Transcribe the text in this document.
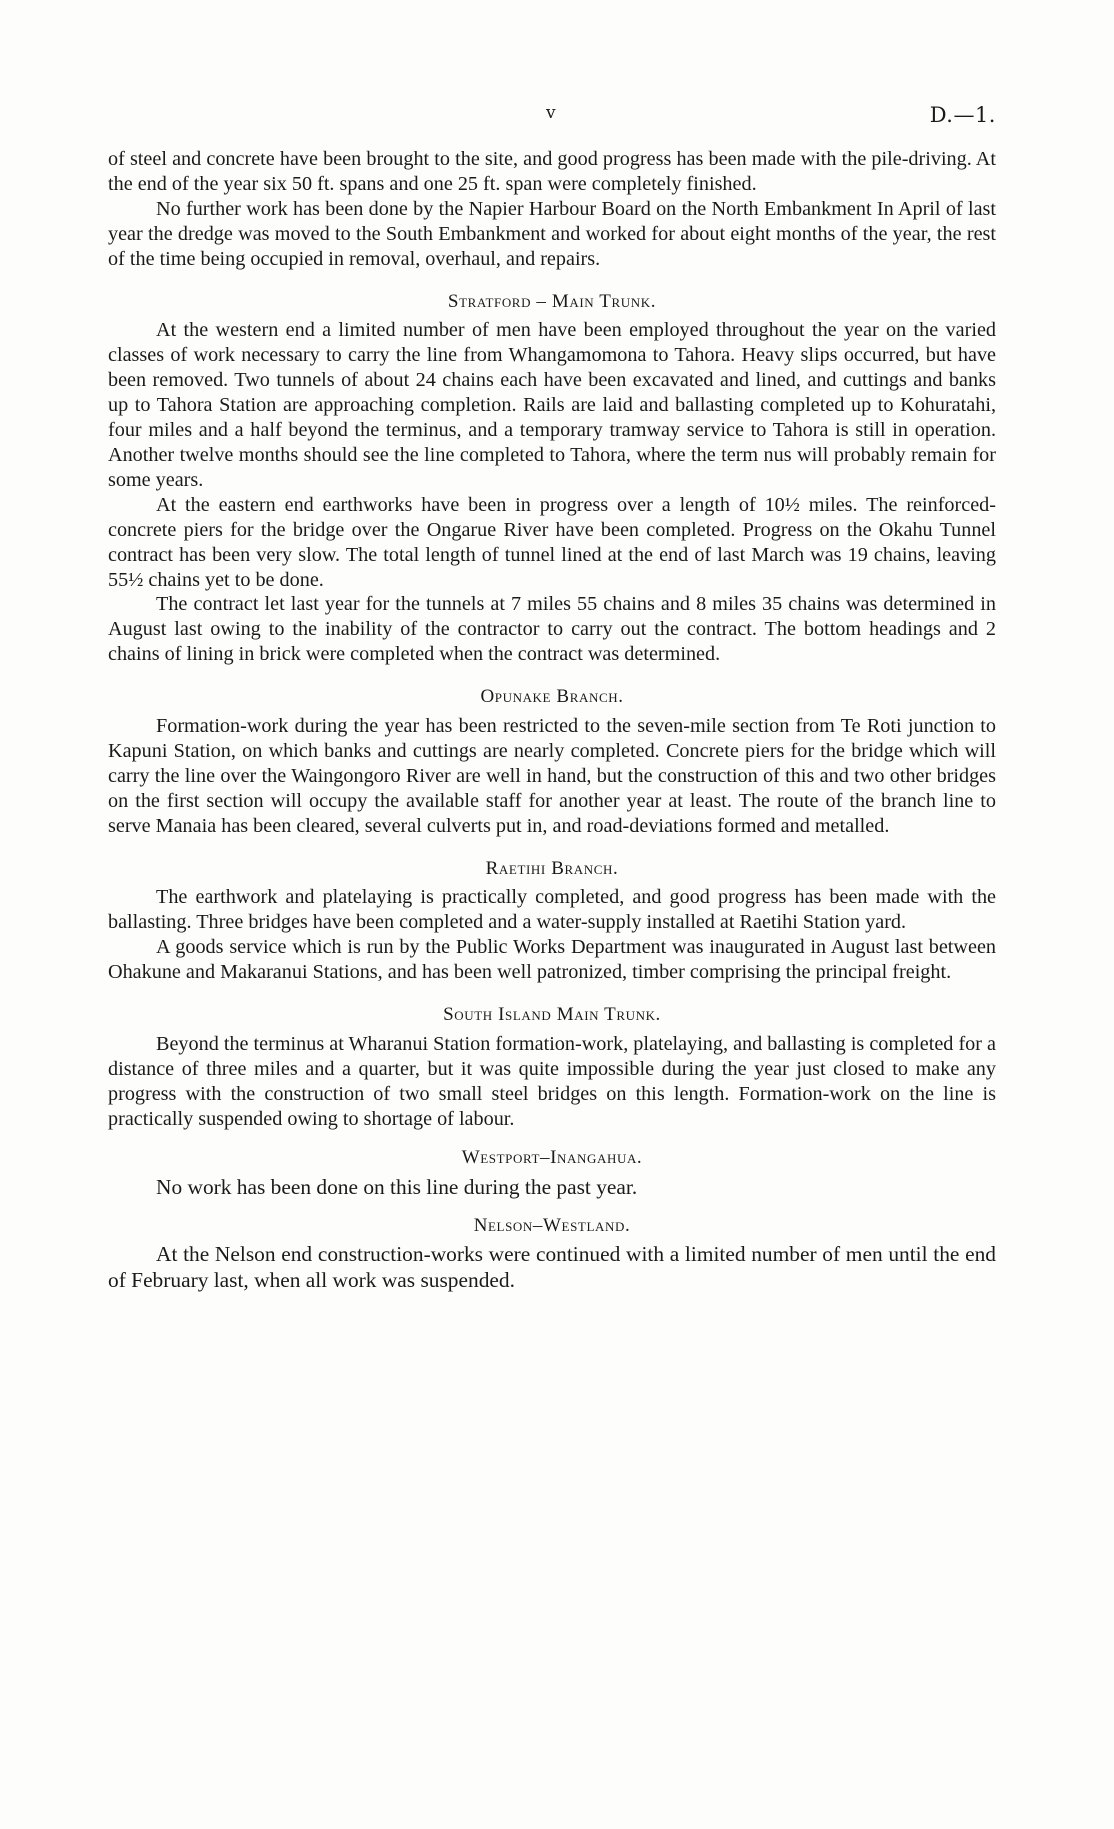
v	D.—1.

of steel and concrete have been brought to the site, and good progress has been made with the pile-driving. At the end of the year six 50 ft. spans and one 25 ft. span were completely finished.

No further work has been done by the Napier Harbour Board on the North Embankment In April of last year the dredge was moved to the South Embankment and worked for about eight months of the year, the rest of the time being occupied in removal, overhaul, and repairs.

Stratford – Main Trunk.

At the western end a limited number of men have been employed throughout the year on the varied classes of work necessary to carry the line from Whangamomona to Tahora. Heavy slips occurred, but have been removed. Two tunnels of about 24 chains each have been excavated and lined, and cuttings and banks up to Tahora Station are approaching completion. Rails are laid and ballasting completed up to Kohuratahi, four miles and a half beyond the terminus, and a temporary tramway service to Tahora is still in operation. Another twelve months should see the line completed to Tahora, where the term nus will probably remain for some years.

At the eastern end earthworks have been in progress over a length of 10½ miles. The reinforced-concrete piers for the bridge over the Ongarue River have been completed. Progress on the Okahu Tunnel contract has been very slow. The total length of tunnel lined at the end of last March was 19 chains, leaving 55½ chains yet to be done.

The contract let last year for the tunnels at 7 miles 55 chains and 8 miles 35 chains was determined in August last owing to the inability of the contractor to carry out the contract. The bottom headings and 2 chains of lining in brick were completed when the contract was determined.

Opunake Branch.

Formation-work during the year has been restricted to the seven-mile section from Te Roti junction to Kapuni Station, on which banks and cuttings are nearly completed. Concrete piers for the bridge which will carry the line over the Waingongoro River are well in hand, but the construction of this and two other bridges on the first section will occupy the available staff for another year at least. The route of the branch line to serve Manaia has been cleared, several culverts put in, and road-deviations formed and metalled.

Raetihi Branch.

The earthwork and platelaying is practically completed, and good progress has been made with the ballasting. Three bridges have been completed and a water-supply installed at Raetihi Station yard.

A goods service which is run by the Public Works Department was inaugurated in August last between Ohakune and Makaranui Stations, and has been well patronized, timber comprising the principal freight.

South Island Main Trunk.

Beyond the terminus at Wharanui Station formation-work, platelaying, and ballasting is completed for a distance of three miles and a quarter, but it was quite impossible during the year just closed to make any progress with the construction of two small steel bridges on this length. Formation-work on the line is practically suspended owing to shortage of labour.

Westport–Inangahua.

No work has been done on this line during the past year.

Nelson–Westland.

At the Nelson end construction-works were continued with a limited number of men until the end of February last, when all work was suspended.
